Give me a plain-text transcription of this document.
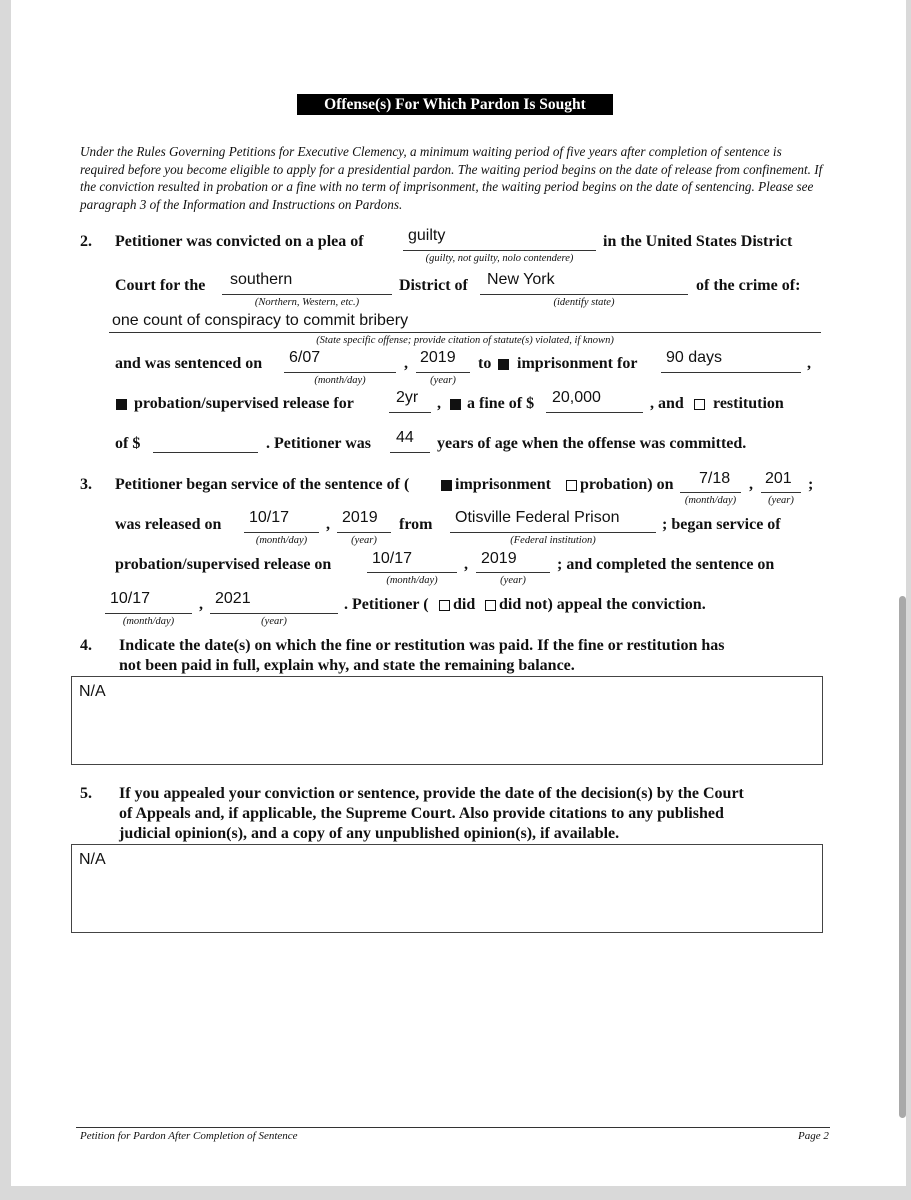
Offense(s) For Which Pardon Is Sought
Under the Rules Governing Petitions for Executive Clemency, a minimum waiting period of five years after completion of sentence is required before you become eligible to apply for a presidential pardon. The waiting period begins on the date of release from confinement. If the conviction resulted in probation or a fine with no term of imprisonment, the waiting period begins on the date of sentencing. Please see paragraph 3 of the Information and Instructions on Pardons.
2. Petitioner was convicted on a plea of	guilty
(guilty, not guilty, nolo contendere)
in the United States District
Court for the southern
(Northern, Western, etc.)
District of New York
(identify state)
of the crime of:
one count of conspiracy to commit bribery
(State specific offense; provide citation of statute(s) violated, if known)
and was sentenced on 6/07
(month/day)
, 2019
(year)
to imprisonment for 90 days	,
probation/supervised release for	2yr , a fine of $ 20,000	, and restitution
of $	. Petitioner was 44 years of age when the offense was committed.
3. Petitioner began service of the sentence of (	imprisonment probation) on 7/18
(month/day)
, 201
(year)
;
was released on 10/17
(month/day)
, 2019
(year)
from Otisville Federal Prison
(Federal institution)
; began service of
probation/supervised release on	10/17
(month/day)
, 2019
(year)
; and completed the sentence on
10/17
(month/day)
, 2021
(year)
. Petitioner ( did did not) appeal the conviction.
4. Indicate the date(s) on which the fine or restitution was paid. If the fine or restitution has
not been paid in full, explain why, and state the remaining balance.
N/A
5. If you appealed your conviction or sentence, provide the date of the decision(s) by the Court
of Appeals and, if applicable, the Supreme Court. Also provide citations to any published
judicial opinion(s), and a copy of any unpublished opinion(s), if available.
N/A
Petition for Pardon After Completion of Sentence	Page 2
